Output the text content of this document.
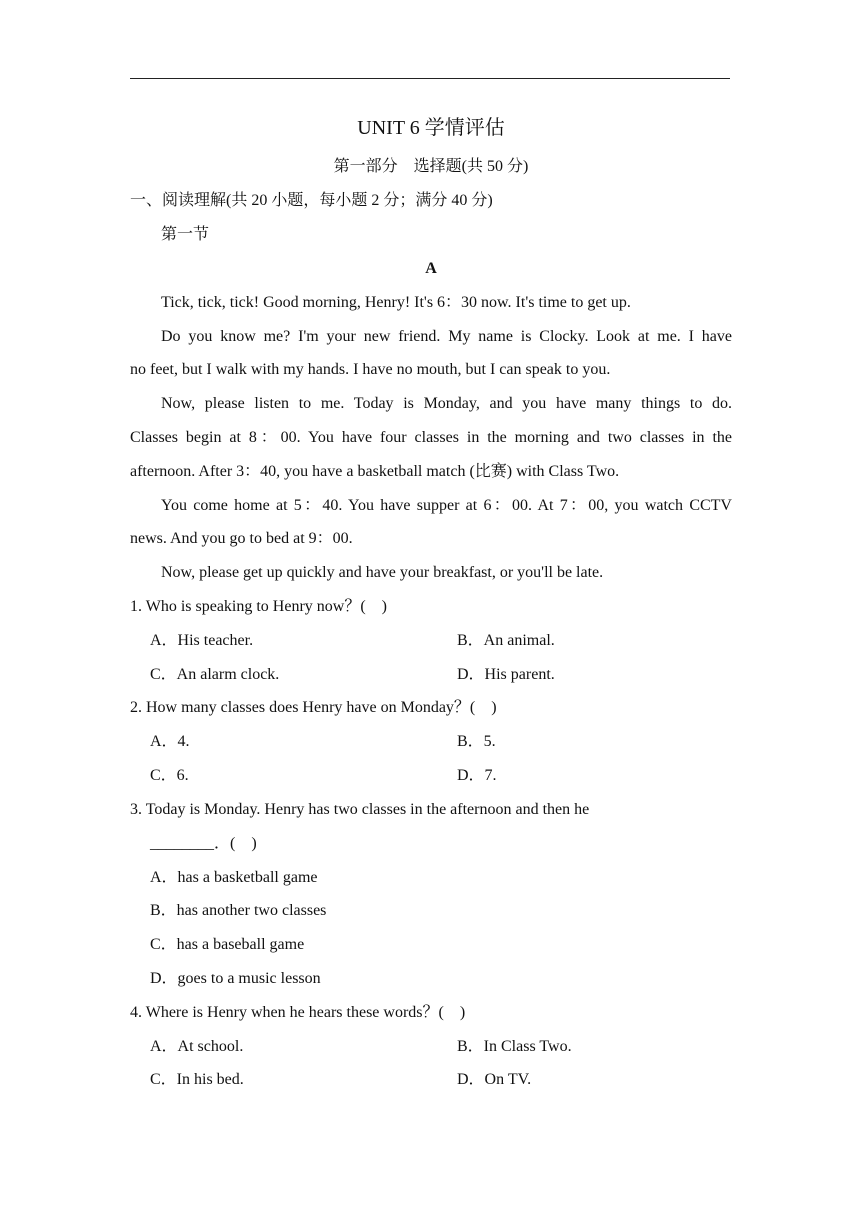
UNIT 6 学情评估
第一部分　选择题(共 50 分)
一、阅读理解(共 20 小题，每小题 2 分；满分 40 分)
第一节
A
Tick, tick, tick! Good morning, Henry! It's 6：30 now. It's time to get up.
Do you know me? I'm your new friend. My name is Clocky. Look at me. I have
no feet, but I walk with my hands. I have no mouth, but I can speak to you.
Now, please listen to me. Today is Monday, and you have many things to do.
Classes begin at 8：00. You have four classes in the morning and two classes in the
afternoon. After 3：40, you have a basketball match (比赛) with Class Two.
You come home at 5：40. You have supper at 6：00. At 7：00, you watch CCTV
news. And you go to bed at 9：00.
Now, please get up quickly and have your breakfast, or you'll be late.
1. Who is speaking to Henry now？(　)
A．His teacher.	B．An animal.
C．An alarm clock.	D．His parent.
2. How many classes does Henry have on Monday？(　)
A．4.	B．5.
C．6.	D．7.
3. Today is Monday. Henry has two classes in the afternoon and then he
________．(　)
A．has a basketball game
B．has another two classes
C．has a baseball game
D．goes to a music lesson
4. Where is Henry when he hears these words？(　)
A．At school.	B．In Class Two.
C．In his bed.	D．On TV.
